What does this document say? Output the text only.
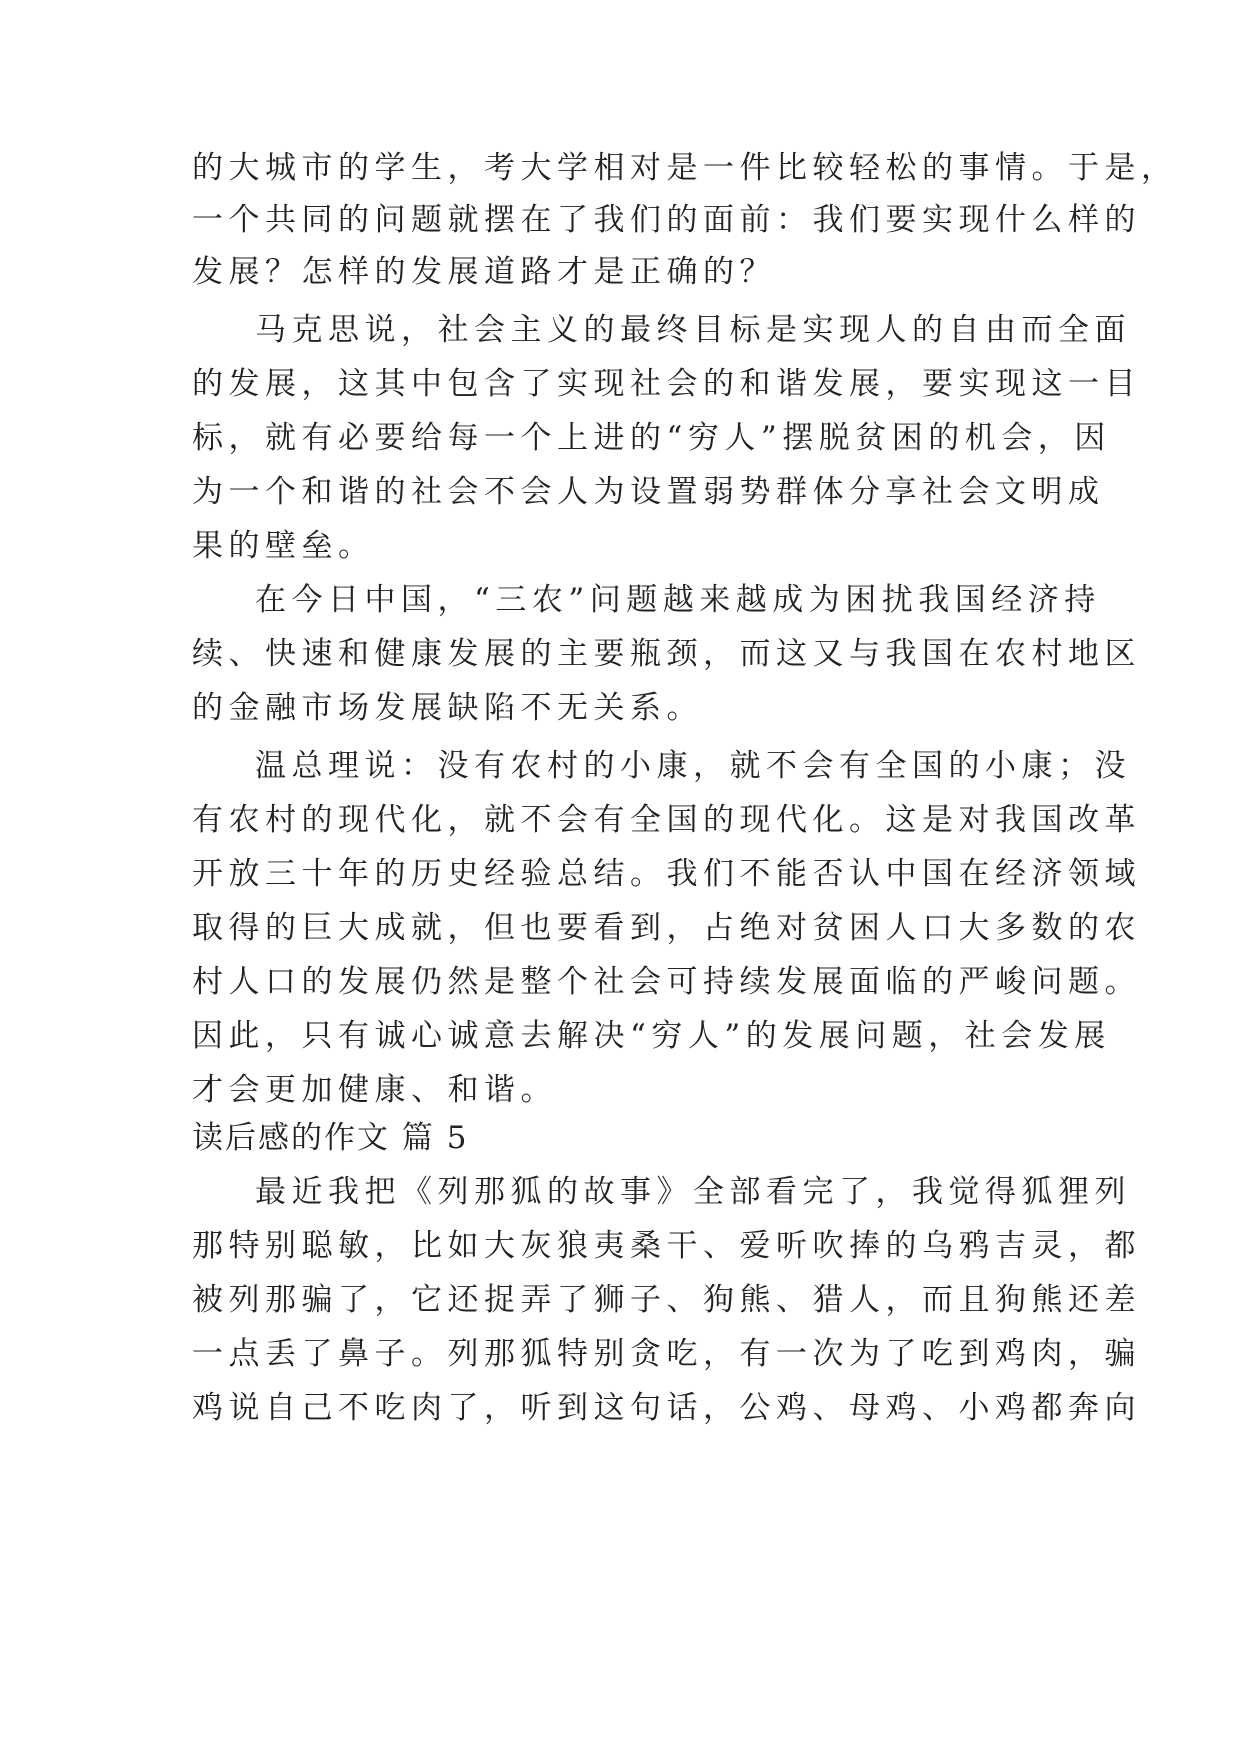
的大城市的学生，考大学相对是一件比较轻松的事情。于是，
一个共同的问题就摆在了我们的面前：我们要实现什么样的
发展？怎样的发展道路才是正确的？
马克思说，社会主义的最终目标是实现人的自由而全面
的发展，这其中包含了实现社会的和谐发展，要实现这一目
标，就有必要给每一个上进的“穷人”摆脱贫困的机会，因
为一个和谐的社会不会人为设置弱势群体分享社会文明成
果的壁垒。
在今日中国，“三农”问题越来越成为困扰我国经济持
续、快速和健康发展的主要瓶颈，而这又与我国在农村地区
的金融市场发展缺陷不无关系。
温总理说：没有农村的小康，就不会有全国的小康；没
有农村的现代化，就不会有全国的现代化。这是对我国改革
开放三十年的历史经验总结。我们不能否认中国在经济领域
取得的巨大成就，但也要看到，占绝对贫困人口大多数的农
村人口的发展仍然是整个社会可持续发展面临的严峻问题。
因此，只有诚心诚意去解决“穷人”的发展问题，社会发展
才会更加健康、和谐。
读后感的作文 篇 5
最近我把《列那狐的故事》全部看完了，我觉得狐狸列
那特别聪敏，比如大灰狼夷桑干、爱听吹捧的乌鸦吉灵，都
被列那骗了，它还捉弄了狮子、狗熊、猎人，而且狗熊还差
一点丢了鼻子。列那狐特别贪吃，有一次为了吃到鸡肉，骗
鸡说自己不吃肉了，听到这句话，公鸡、母鸡、小鸡都奔向
